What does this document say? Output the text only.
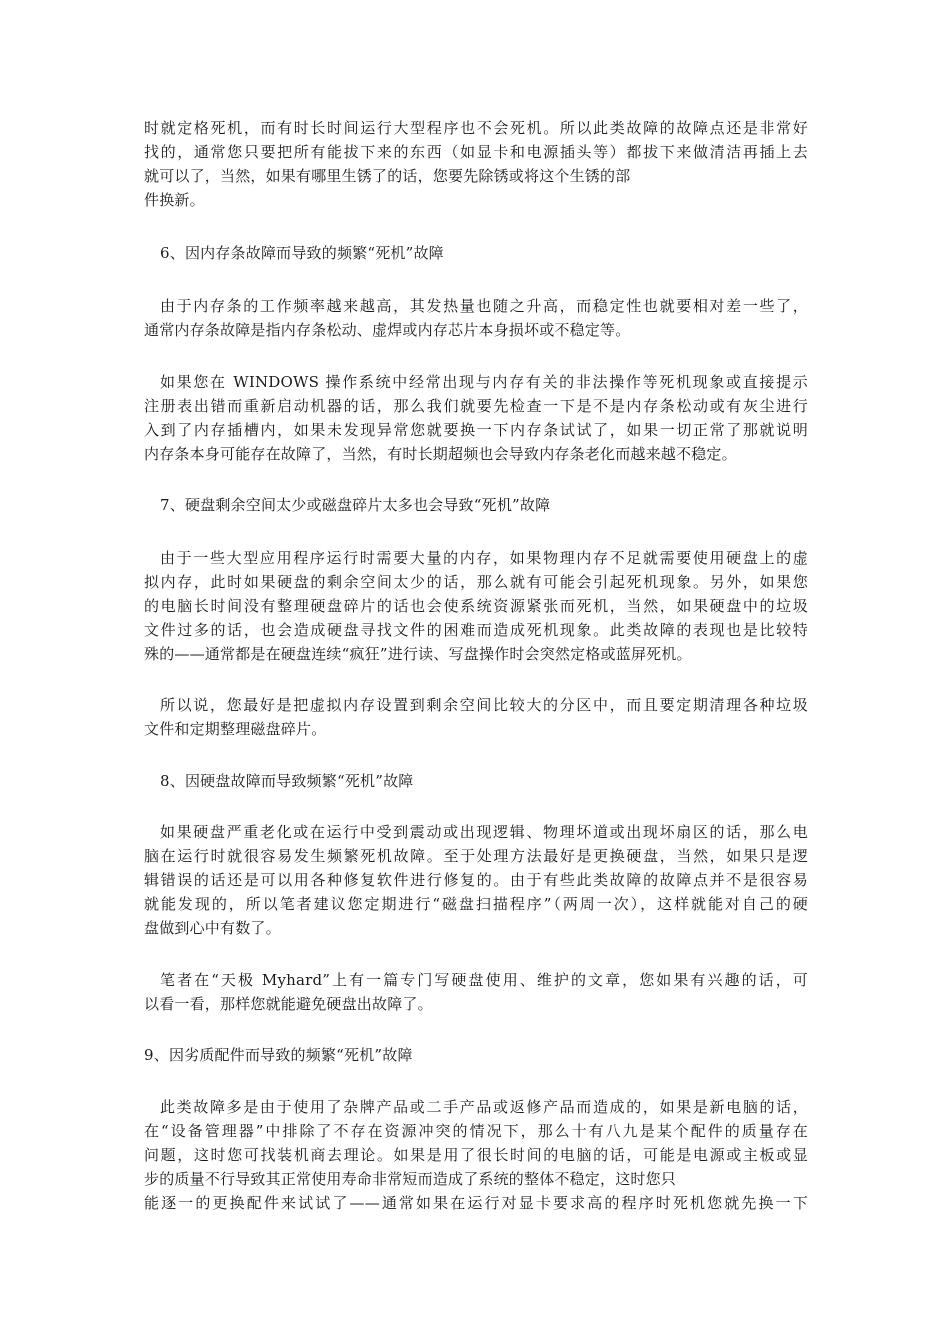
时就定格死机，而有时长时间运行大型程序也不会死机。所以此类故障的故障点还是非常好
找的，通常您只要把所有能拔下来的东西（如显卡和电源插头等）都拔下来做清洁再插上去
就可以了，当然，如果有哪里生锈了的话，您要先除锈或将这个生锈的部
件换新。
6、因内存条故障而导致的频繁“死机”故障
由于内存条的工作频率越来越高，其发热量也随之升高，而稳定性也就要相对差一些了，
通常内存条故障是指内存条松动、虚焊或内存芯片本身损坏或不稳定等。
如果您在 WINDOWS 操作系统中经常出现与内存有关的非法操作等死机现象或直接提示
注册表出错而重新启动机器的话，那么我们就要先检查一下是不是内存条松动或有灰尘进行
入到了内存插槽内，如果未发现异常您就要换一下内存条试试了，如果一切正常了那就说明
内存条本身可能存在故障了，当然，有时长期超频也会导致内存条老化而越来越不稳定。
7、硬盘剩余空间太少或磁盘碎片太多也会导致“死机”故障
由于一些大型应用程序运行时需要大量的内存，如果物理内存不足就需要使用硬盘上的虚
拟内存，此时如果硬盘的剩余空间太少的话，那么就有可能会引起死机现象。另外，如果您
的电脑长时间没有整理硬盘碎片的话也会使系统资源紧张而死机，当然，如果硬盘中的垃圾
文件过多的话，也会造成硬盘寻找文件的困难而造成死机现象。此类故障的表现也是比较特
殊的——通常都是在硬盘连续“疯狂”进行读、写盘操作时会突然定格或蓝屏死机。
所以说，您最好是把虚拟内存设置到剩余空间比较大的分区中，而且要定期清理各种垃圾
文件和定期整理磁盘碎片。
8、因硬盘故障而导致频繁“死机”故障
如果硬盘严重老化或在运行中受到震动或出现逻辑、物理坏道或出现坏扇区的话，那么电
脑在运行时就很容易发生频繁死机故障。至于处理方法最好是更换硬盘，当然，如果只是逻
辑错误的话还是可以用各种修复软件进行修复的。由于有些此类故障的故障点并不是很容易
就能发现的，所以笔者建议您定期进行“磁盘扫描程序”（两周一次），这样就能对自己的硬
盘做到心中有数了。
笔者在“天极 Myhard”上有一篇专门写硬盘使用、维护的文章，您如果有兴趣的话，可
以看一看，那样您就能避免硬盘出故障了。
9、因劣质配件而导致的频繁“死机”故障
此类故障多是由于使用了杂牌产品或二手产品或返修产品而造成的，如果是新电脑的话，
在“设备管理器”中排除了不存在资源冲突的情况下，那么十有八九是某个配件的质量存在
问题，这时您可找装机商去理论。如果是用了很长时间的电脑的话，可能是电源或主板或显
步的质量不行导致其正常使用寿命非常短而造成了系统的整体不稳定，这时您只
能逐一的更换配件来试试了——通常如果在运行对显卡要求高的程序时死机您就先换一下
